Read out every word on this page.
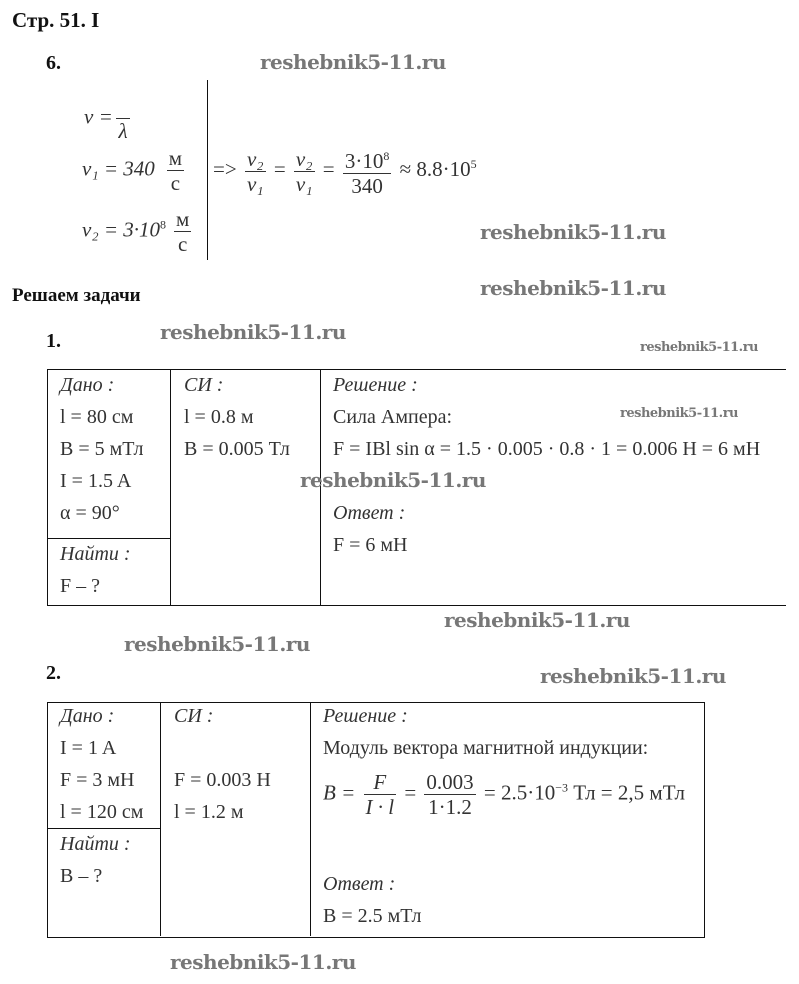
Стр. 51. I
6.
ν =

λ
$v_1 = 340 \frac{м}{с}$
$v_2 = 3\cdot 10^8 \frac{м}{с}$
=> $\frac{\text{ν₂}}{\text{ν₁}} = \frac{\text{v₂}}{\text{v₁}} = \frac{3\cdot 10^8}{340} \approx 8.8\cdot 10^5$
Решаем задачи
1.
Дано :
l = 80 см
B = 5 мТл
I = 1.5 A
α = 90°
Найти :
F – ?
СИ :
l = 0.8 м
B = 0.005 Тл
Решение :
Сила Ампера:
F = IBl sin α = 1.5 · 0.005 · 0.8 · 1 = 0.006 H = 6 мН
Ответ :
F = 6 мН
2.
Дано :
I = 1 A
F = 3 мН
l = 120 см
Найти :
B – ?
СИ :
F = 0.003 H
l = 1.2 м
Решение :
Модуль вектора магнитной индукции:
$B = \frac{F}{I \cdot l} = \frac{0.003}{1\cdot 1.2} = 2.5\cdot 10^{-3}$ Тл = 2,5 мТл
Ответ :
B = 2.5 мТл
reshebnik5-11.ru
reshebnik5-11.ru
reshebnik5-11.ru
reshebnik5-11.ru
reshebnik5-11.ru
reshebnik5-11.ru
reshebnik5-11.ru
reshebnik5-11.ru
reshebnik5-11.ru
reshebnik5-11.ru
reshebnik5-11.ru
